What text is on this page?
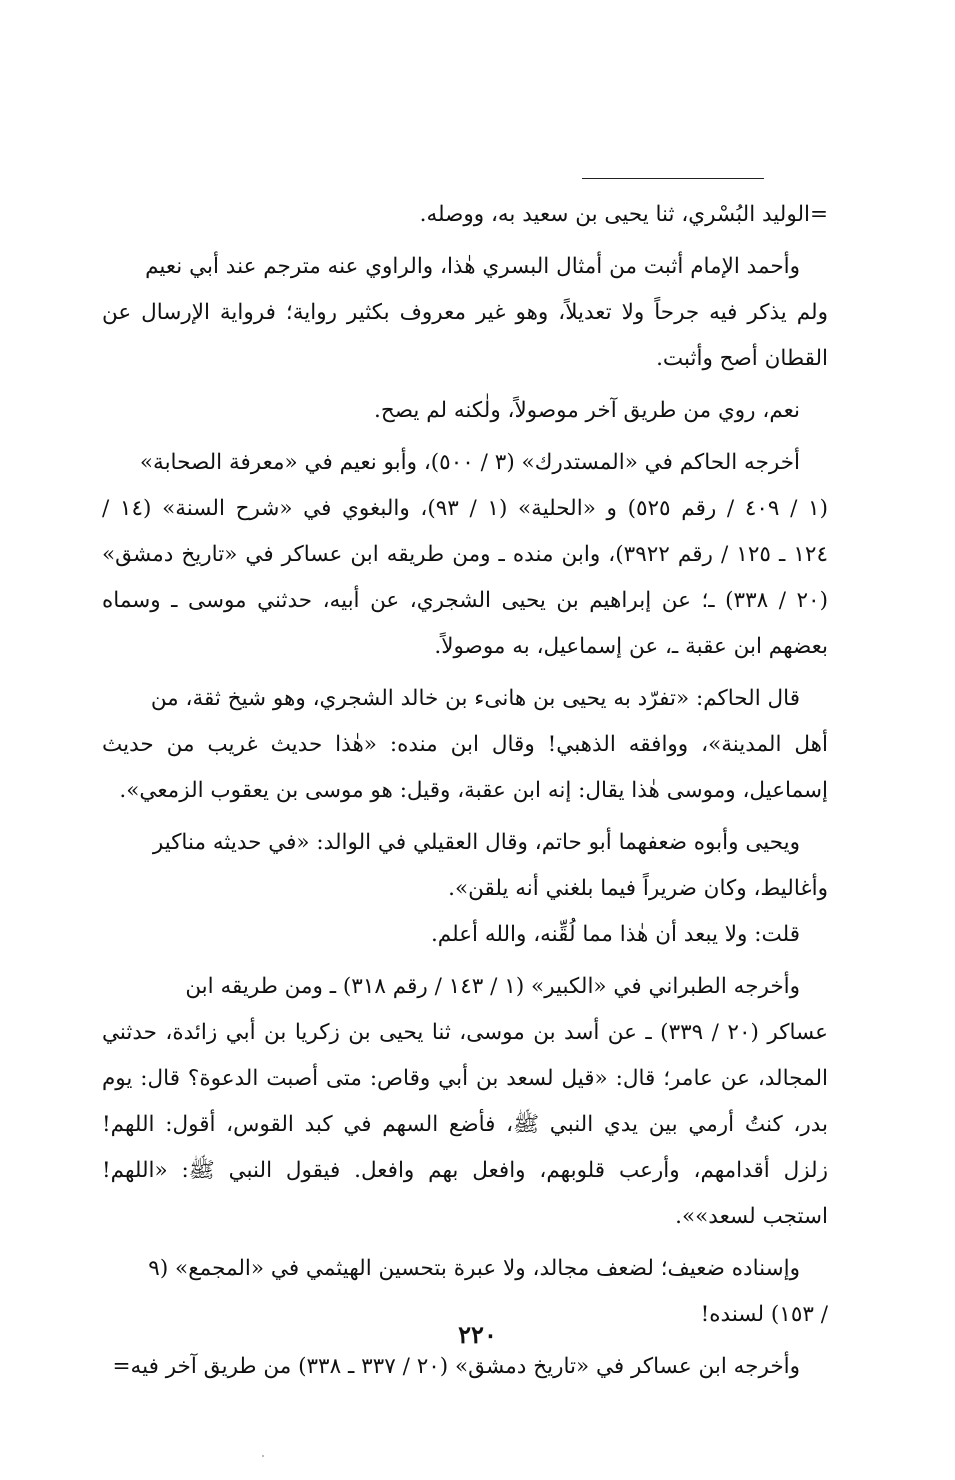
=الوليد البُسْري، ثنا يحيى بن سعيد به، ووصله.
وأحمد الإمام أثبت من أمثال البسري هٰذا، والراوي عنه مترجم عند أبي نعيم
ولم يذكر فيه جرحاً ولا تعديلاً، وهو غير معروف بكثير رواية؛ فرواية الإرسال عن
القطان أصح وأثبت.
نعم، روي من طريق آخر موصولاً، ولٰكنه لم يصح.
أخرجه الحاكم في «المستدرك» (٣ / ٥٠٠)، وأبو نعيم في «معرفة الصحابة»
(١ / ٤٠٩ / رقم ٥٢٥) و «الحلية» (١ / ٩٣)، والبغوي في «شرح السنة» (١٤ /
١٢٤ ـ ١٢٥ / رقم ٣٩٢٢)، وابن منده ـ ومن طريقه ابن عساكر في «تاريخ دمشق»
(٢٠ / ٣٣٨) ـ؛ عن إبراهيم بن يحيى الشجري، عن أبيه، حدثني موسى ـ وسماه
بعضهم ابن عقبة ـ، عن إسماعيل، به موصولاً.
قال الحاكم: «تفرّد به يحيى بن هانىء بن خالد الشجري، وهو شيخ ثقة، من
أهل المدينة»، ووافقه الذهبي! وقال ابن منده: «هٰذا حديث غريب من حديث
إسماعيل، وموسى هٰذا يقال: إنه ابن عقبة، وقيل: هو موسى بن يعقوب الزمعي».
ويحيى وأبوه ضعفهما أبو حاتم، وقال العقيلي في الوالد: «في حديثه مناكير
وأغاليط، وكان ضريراً فيما بلغني أنه يلقن».
قلت: ولا يبعد أن هٰذا مما لُقِّنه، والله أعلم.
وأخرجه الطبراني في «الكبير» (١ / ١٤٣ / رقم ٣١٨) ـ ومن طريقه ابن
عساكر (٢٠ / ٣٣٩) ـ عن أسد بن موسى، ثنا يحيى بن زكريا بن أبي زائدة، حدثني
المجالد، عن عامر؛ قال: «قيل لسعد بن أبي وقاص: متى أصبت الدعوة؟ قال: يوم
بدر، كنتُ أرمي بين يدي النبي ﷺ، فأضع السهم في كبد القوس، أقول: اللهم!
زلزل أقدامهم، وأرعب قلوبهم، وافعل بهم وافعل. فيقول النبي ﷺ: «اللهم!
استجب لسعد»».
وإسناده ضعيف؛ لضعف مجالد، ولا عبرة بتحسين الهيثمي في «المجمع» (٩
/ ١٥٣) لسنده!
وأخرجه ابن عساكر في «تاريخ دمشق» (٢٠ / ٣٣٧ ـ ٣٣٨) من طريق آخر فيه=
٢٢٠
